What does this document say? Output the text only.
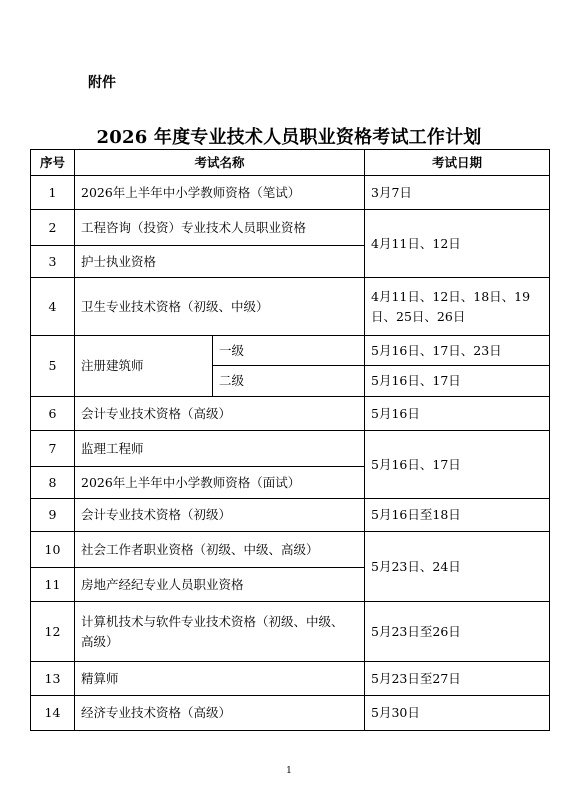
附件
2026 年度专业技术人员职业资格考试工作计划
序号	考试名称		考试日期
1	2026年上半年中小学教师资格（笔试）		3月7日
2	工程咨询（投资）专业技术人员职业资格		4月11日、12日
3	护士执业资格		
4	卫生专业技术资格（初级、中级）		4月11日、12日、18日、19日、25日、26日
5	注册建筑师	一级	5月16日、17日、23日
		二级	5月16日、17日
6	会计专业技术资格（高级）		5月16日
7	监理工程师		5月16日、17日
8	2026年上半年中小学教师资格（面试）		
9	会计专业技术资格（初级）		5月16日至18日
10	社会工作者职业资格（初级、中级、高级）		5月23日、24日
11	房地产经纪专业人员职业资格		
12	计算机技术与软件专业技术资格（初级、中级、高级）		5月23日至26日
13	精算师		5月23日至27日
14	经济专业技术资格（高级）		5月30日
1
